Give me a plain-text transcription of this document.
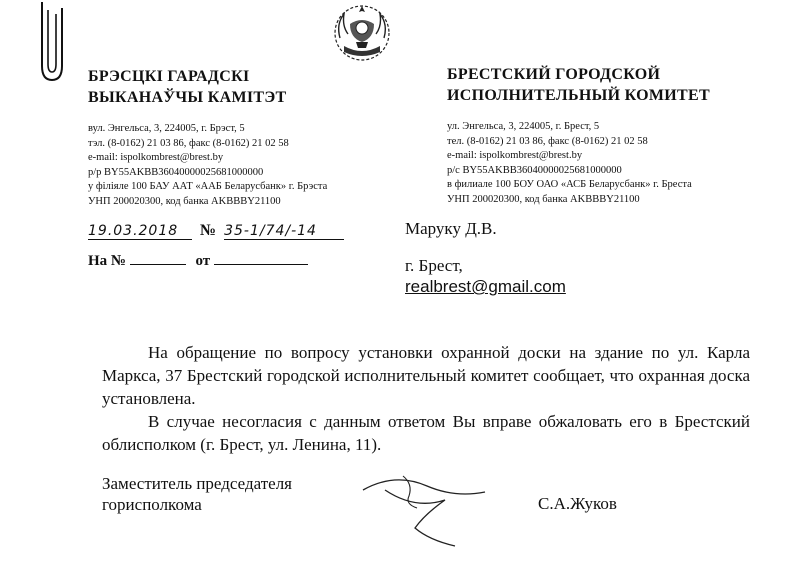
БРЭСЦКІ ГАРАДСКІ
ВЫКАНАЎЧЫ КАМІТЭТ
вул. Энгельса, 3, 224005, г. Брэст, 5
тэл. (8-0162) 21 03 86, факс (8-0162) 21 02 58
e-mail: ispolkombrest@brest.by
р/р BY55AKBB36040000025681000000
у філіяле 100 БАУ ААТ «ААБ Беларусбанк» г. Брэста
УНП 200020300, код банка AKBBBY21100
БРЕСТСКИЙ ГОРОДСКОЙ
ИСПОЛНИТЕЛЬНЫЙ КОМИТЕТ
ул. Энгельса, 3, 224005, г. Брест, 5
тел. (8-0162) 21 03 86, факс (8-0162) 21 02 58
e-mail: ispolkombrest@brest.by
р/с BY55AKBB36040000025681000000
в филиале 100 БОУ ОАО «АСБ Беларусбанк» г. Бреста
УНП 200020300, код банка AKBBBY21100
19.03.2018 № 35-1/74/-14
На №	от
Маруку Д.В.
г. Брест,
realbrest@gmail.com

На обращение по вопросу установки охранной доски на здание по ул. Карла Маркса, 37 Брестский городской исполнительный комитет сообщает, что охранная доска установлена.

В случае несогласия с данным ответом Вы вправе обжаловать его в Брестский облисполком (г. Брест, ул. Ленина, 11).

Заместитель председателя
горисполкома	С.А.Жуков
